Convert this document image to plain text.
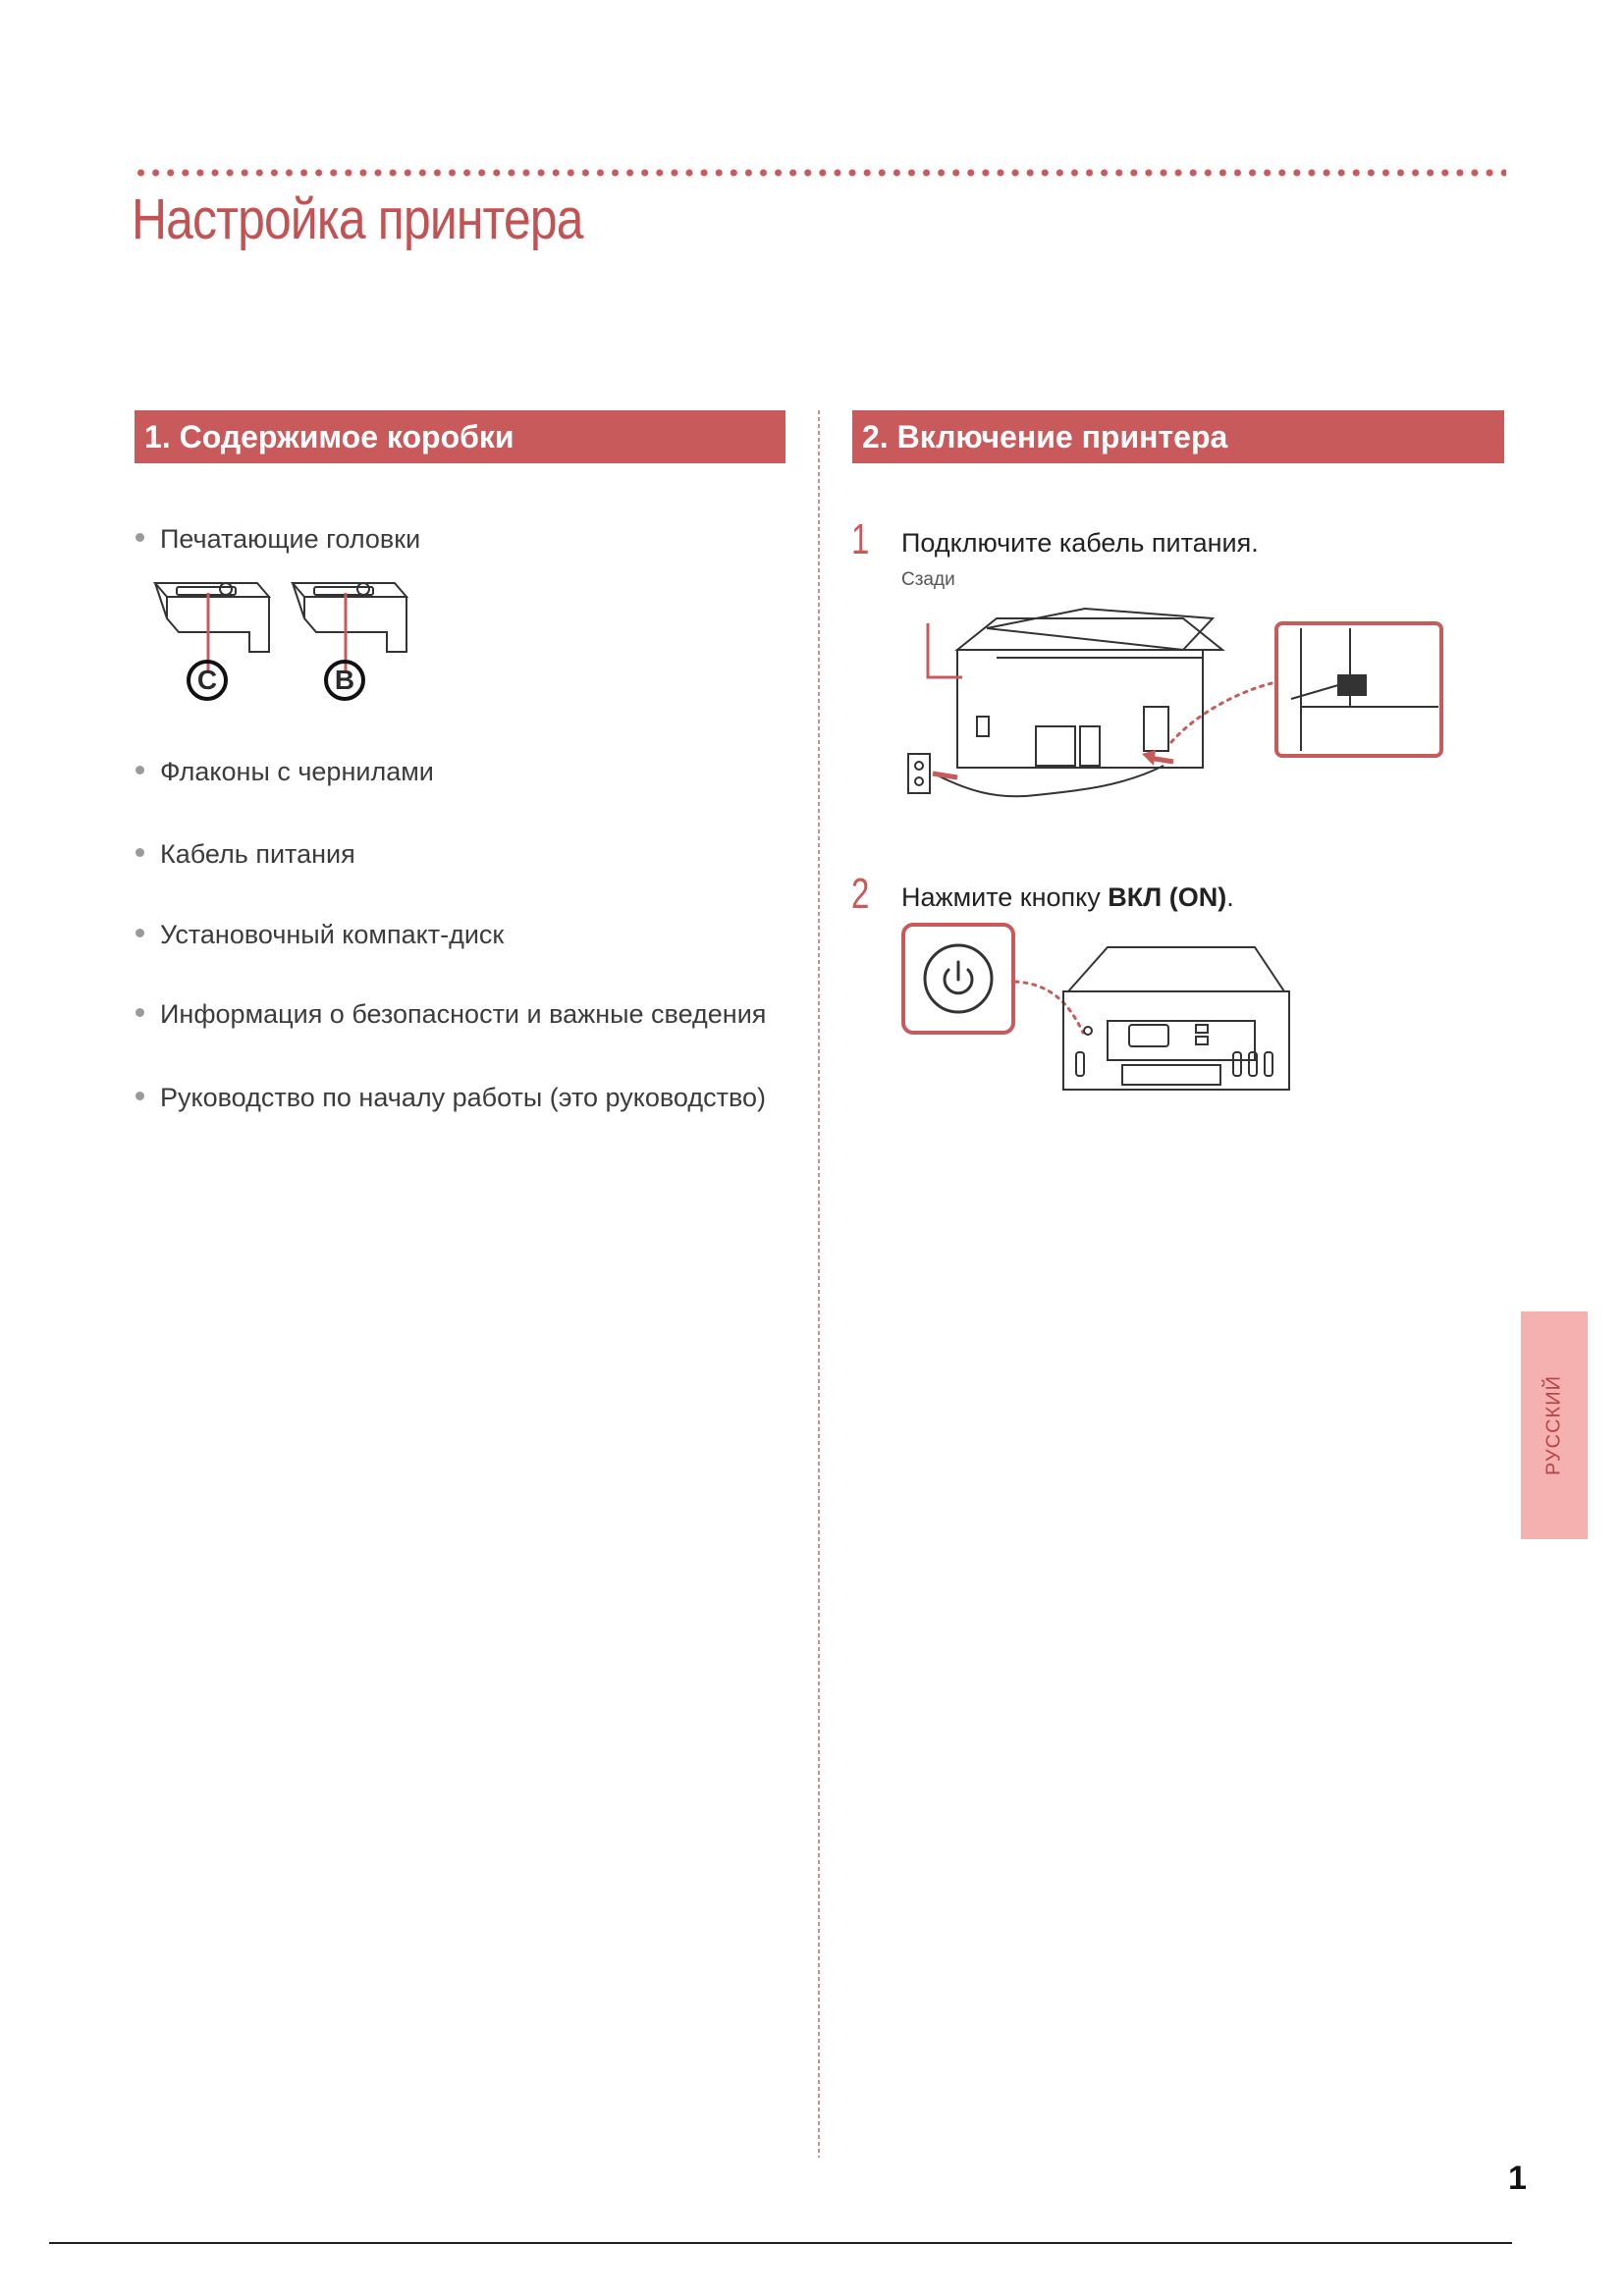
Настройка принтера
1. Содержимое коробки
Печатающие головки
C	B
Флаконы с чернилами
Кабель питания
Установочный компакт-диск
Информация о безопасности и важные сведения
Руководство по началу работы (это руководство)
2. Включение принтера
1 Подключите кабель питания.
Сзади
2 Нажмите кнопку ВКЛ (ON).
РУССКИЙ
1
